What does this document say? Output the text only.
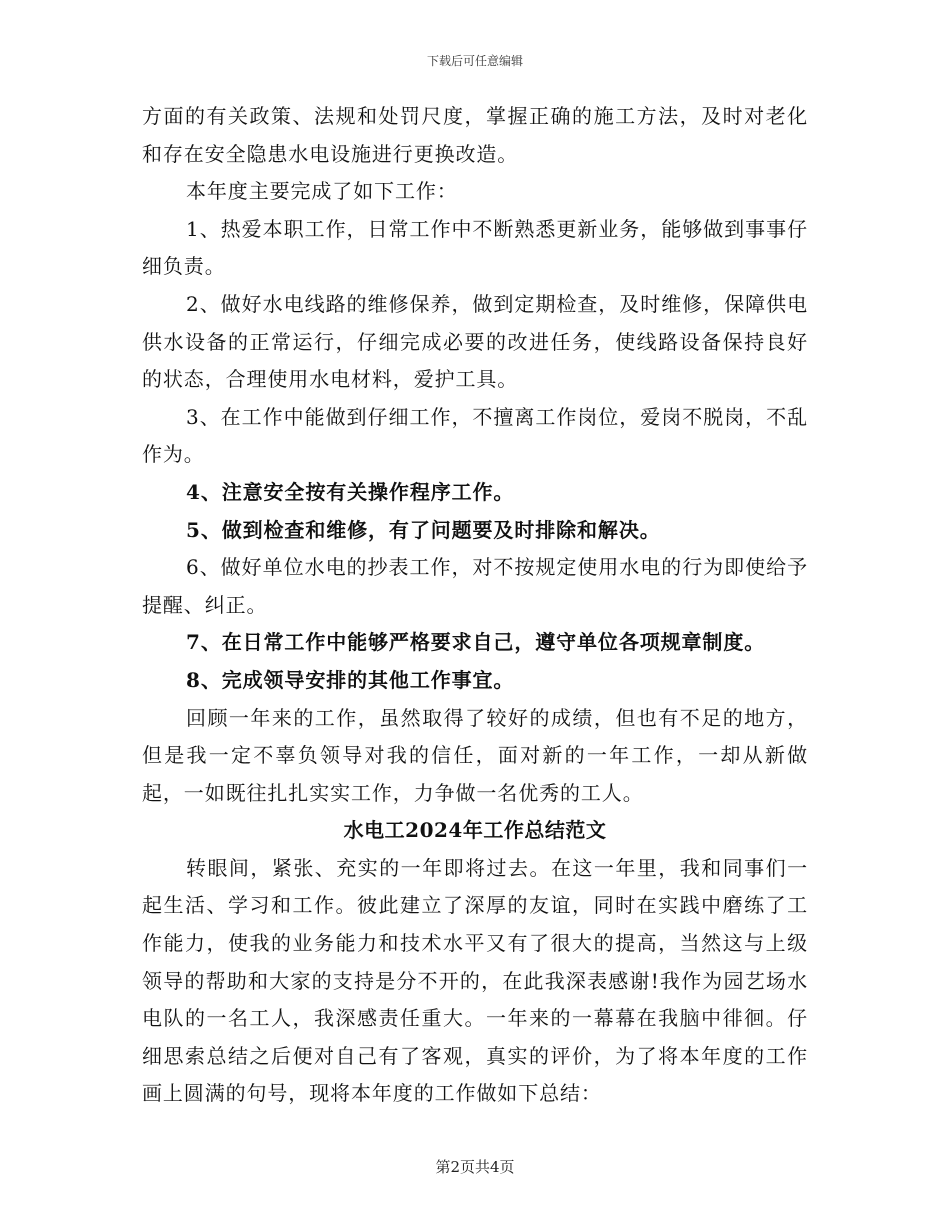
下载后可任意编辑

方面的有关政策、法规和处罚尺度，掌握正确的施工方法，及时对老化和存在安全隐患水电设施进行更换改造。

本年度主要完成了如下工作：

1、热爱本职工作，日常工作中不断熟悉更新业务，能够做到事事仔细负责。

2、做好水电线路的维修保养，做到定期检查，及时维修，保障供电供水设备的正常运行，仔细完成必要的改进任务，使线路设备保持良好的状态，合理使用水电材料，爱护工具。

3、在工作中能做到仔细工作，不擅离工作岗位，爱岗不脱岗，不乱作为。

4、注意安全按有关操作程序工作。

5、做到检查和维修，有了问题要及时排除和解决。

6、做好单位水电的抄表工作，对不按规定使用水电的行为即使给予提醒、纠正。

7、在日常工作中能够严格要求自己，遵守单位各项规章制度。

8、完成领导安排的其他工作事宜。

回顾一年来的工作，虽然取得了较好的成绩，但也有不足的地方，但是我一定不辜负领导对我的信任，面对新的一年工作，一却从新做起，一如既往扎扎实实工作，力争做一名优秀的工人。

水电工2024年工作总结范文

转眼间，紧张、充实的一年即将过去。在这一年里，我和同事们一起生活、学习和工作。彼此建立了深厚的友谊，同时在实践中磨练了工作能力，使我的业务能力和技术水平又有了很大的提高，当然这与上级领导的帮助和大家的支持是分不开的，在此我深表感谢!我作为园艺场水电队的一名工人，我深感责任重大。一年来的一幕幕在我脑中徘徊。仔细思索总结之后便对自己有了客观，真实的评价，为了将本年度的工作画上圆满的句号，现将本年度的工作做如下总结：

第2页共4页
